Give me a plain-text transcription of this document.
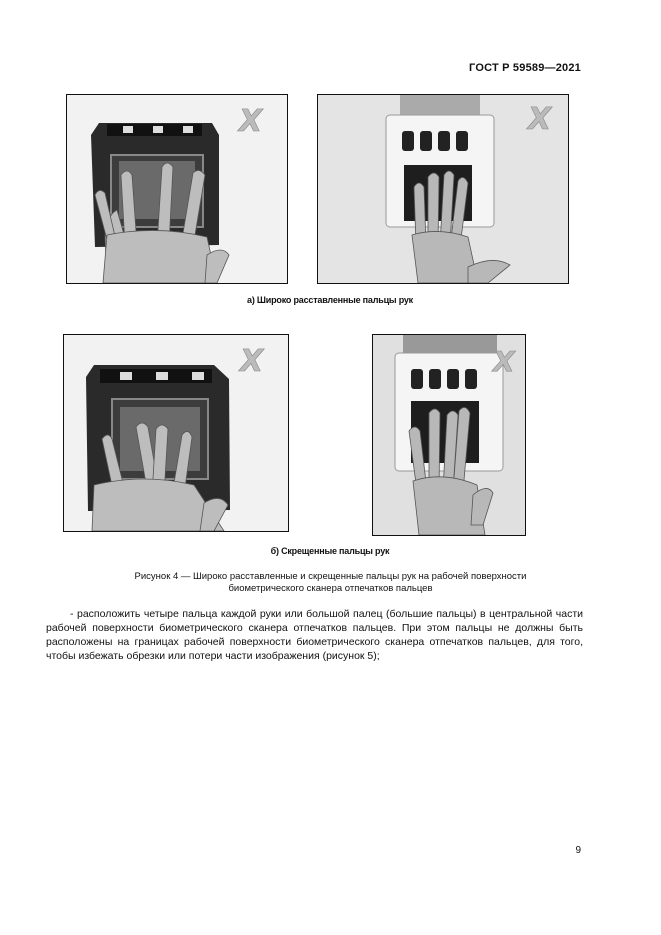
ГОСТ Р 59589—2021
X	X
а) Широко расставленные пальцы рук
X	X
б) Скрещенные пальцы рук
Рисунок 4 — Широко расставленные и скрещенные пальцы рук на рабочей поверхности
биометрического сканера отпечатков пальцев

- расположить четыре пальца каждой руки или большой палец (большие пальцы) в центральной части рабочей поверхности биометрического сканера отпечатков пальцев. При этом пальцы не должны быть расположены на границах рабочей поверхности биометрического сканера отпечатков пальцев, для того, чтобы избежать обрезки или потери части изображения (рисунок 5);

9
